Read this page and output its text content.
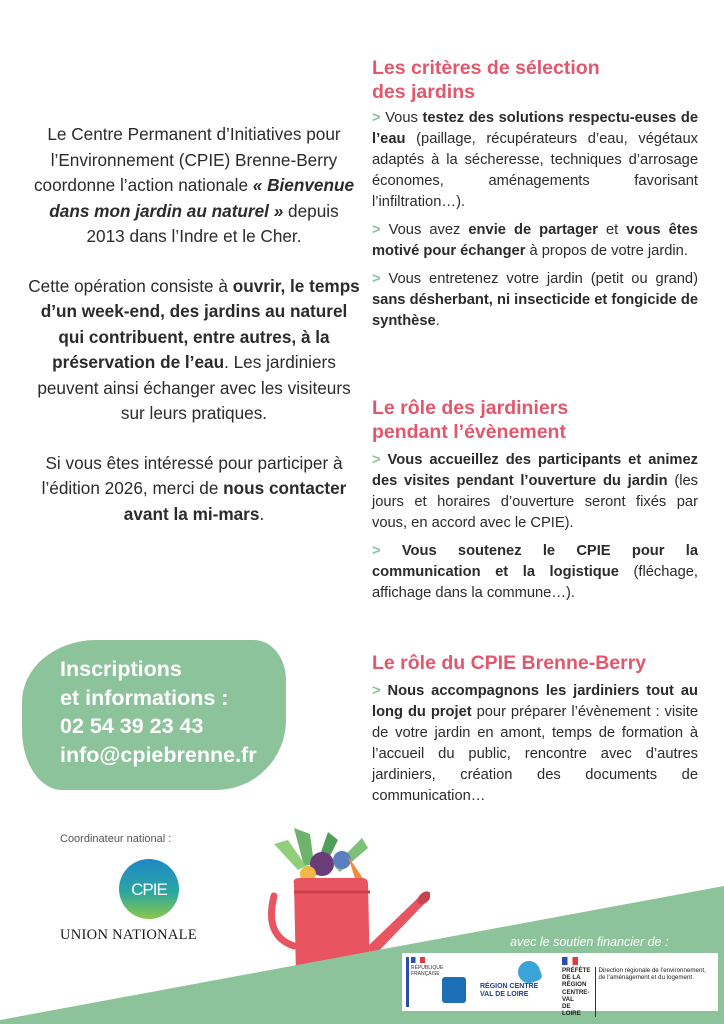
Le Centre Permanent d’Initiatives pour l’Environnement (CPIE) Brenne-Berry coordonne l’action nationale « Bienvenue dans mon jardin au naturel » depuis 2013 dans l’Indre et le Cher.

Cette opération consiste à ouvrir, le temps d’un week-end, des jardins au naturel qui contribuent, entre autres, à la préservation de l’eau. Les jardiniers peuvent ainsi échanger avec les visiteurs sur leurs pratiques.

Si vous êtes intéressé pour participer à l’édition 2026, merci de nous contacter avant la mi-mars.

Inscriptions
et informations :
02 54 39 23 43
info@cpiebrenne.fr
Coordinateur national :
CPIE
UNION NATIONALE
Les critères de sélection
des jardins

> Vous testez des solutions respectu-euses de l’eau (paillage, récupérateurs d’eau, végétaux adaptés à la sécheresse, techniques d’arrosage économes, aménagements favorisant l’infiltration…).

> Vous avez envie de partager et vous êtes motivé pour échanger à propos de votre jardin.

> Vous entretenez votre jardin (petit ou grand) sans désherbant, ni insecticide et fongicide de synthèse.

Le rôle des jardiniers
pendant l’évènement

> Vous accueillez des participants et animez des visites pendant l’ouverture du jardin (les jours et horaires d’ouverture seront fixés par vous, en accord avec le CPIE).

> Vous soutenez le CPIE pour la communication et la logistique (fléchage, affichage dans la commune…).

Le rôle du CPIE Brenne-Berry

> Nous accompagnons les jardiniers tout au long du projet pour préparer l’évènement : visite de votre jardin en amont, temps de formation à l’accueil du public, rencontre avec d’autres jardiniers, création des documents de communication…

avec le soutien financier de :
RÉPUBLIQUE FRANÇAISE
RÉGION CENTRE VAL DE LOIRE
PRÉFÈTE
DE LA RÉGION
CENTRE-VAL
DE LOIRE
Direction régionale de l’environnement, de l’aménagement et du logement
